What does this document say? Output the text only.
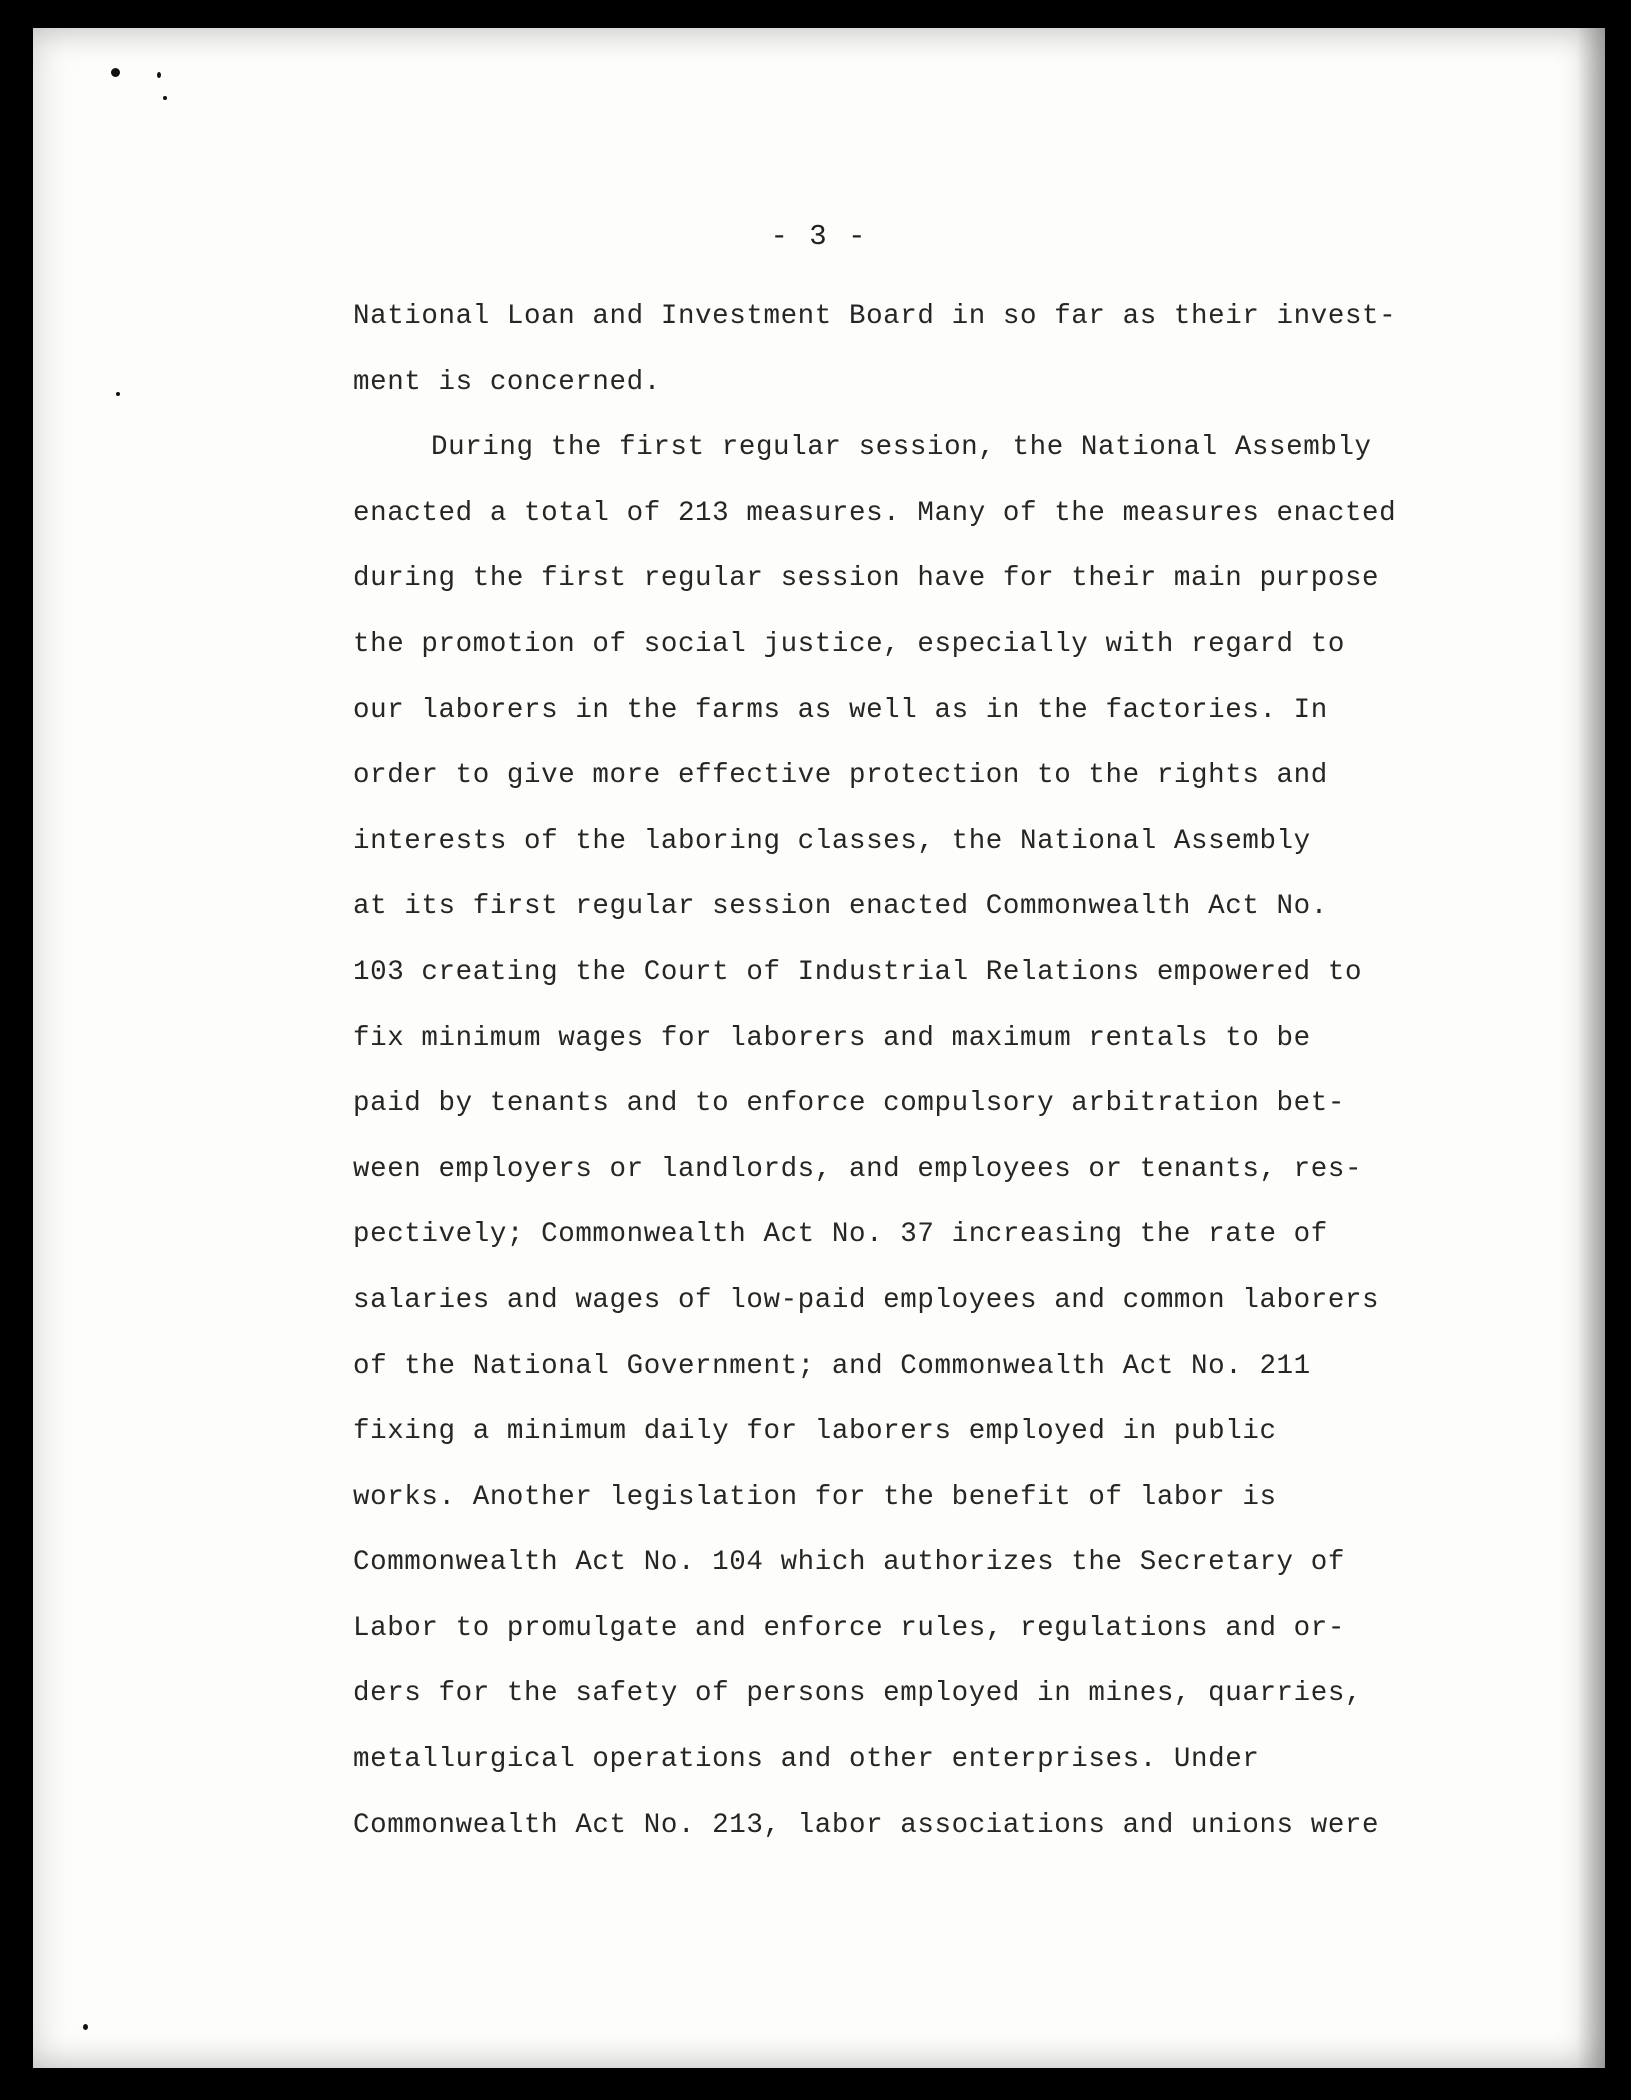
- 3 -
National Loan and Investment Board in so far as their invest-
ment is concerned.
During the first regular session, the National Assembly
enacted a total of 213 measures. Many of the measures enacted
during the first regular session have for their main purpose
the promotion of social justice, especially with regard to
our laborers in the farms as well as in the factories. In
order to give more effective protection to the rights and
interests of the laboring classes, the National Assembly
at its first regular session enacted Commonwealth Act No.
103 creating the Court of Industrial Relations empowered to
fix minimum wages for laborers and maximum rentals to be
paid by tenants and to enforce compulsory arbitration bet-
ween employers or landlords, and employees or tenants, res-
pectively; Commonwealth Act No. 37 increasing the rate of
salaries and wages of low-paid employees and common laborers
of the National Government; and Commonwealth Act No. 211
fixing a minimum daily for laborers employed in public
works. Another legislation for the benefit of labor is
Commonwealth Act No. 104 which authorizes the Secretary of
Labor to promulgate and enforce rules, regulations and or-
ders for the safety of persons employed in mines, quarries,
metallurgical operations and other enterprises. Under
Commonwealth Act No. 213, labor associations and unions were
